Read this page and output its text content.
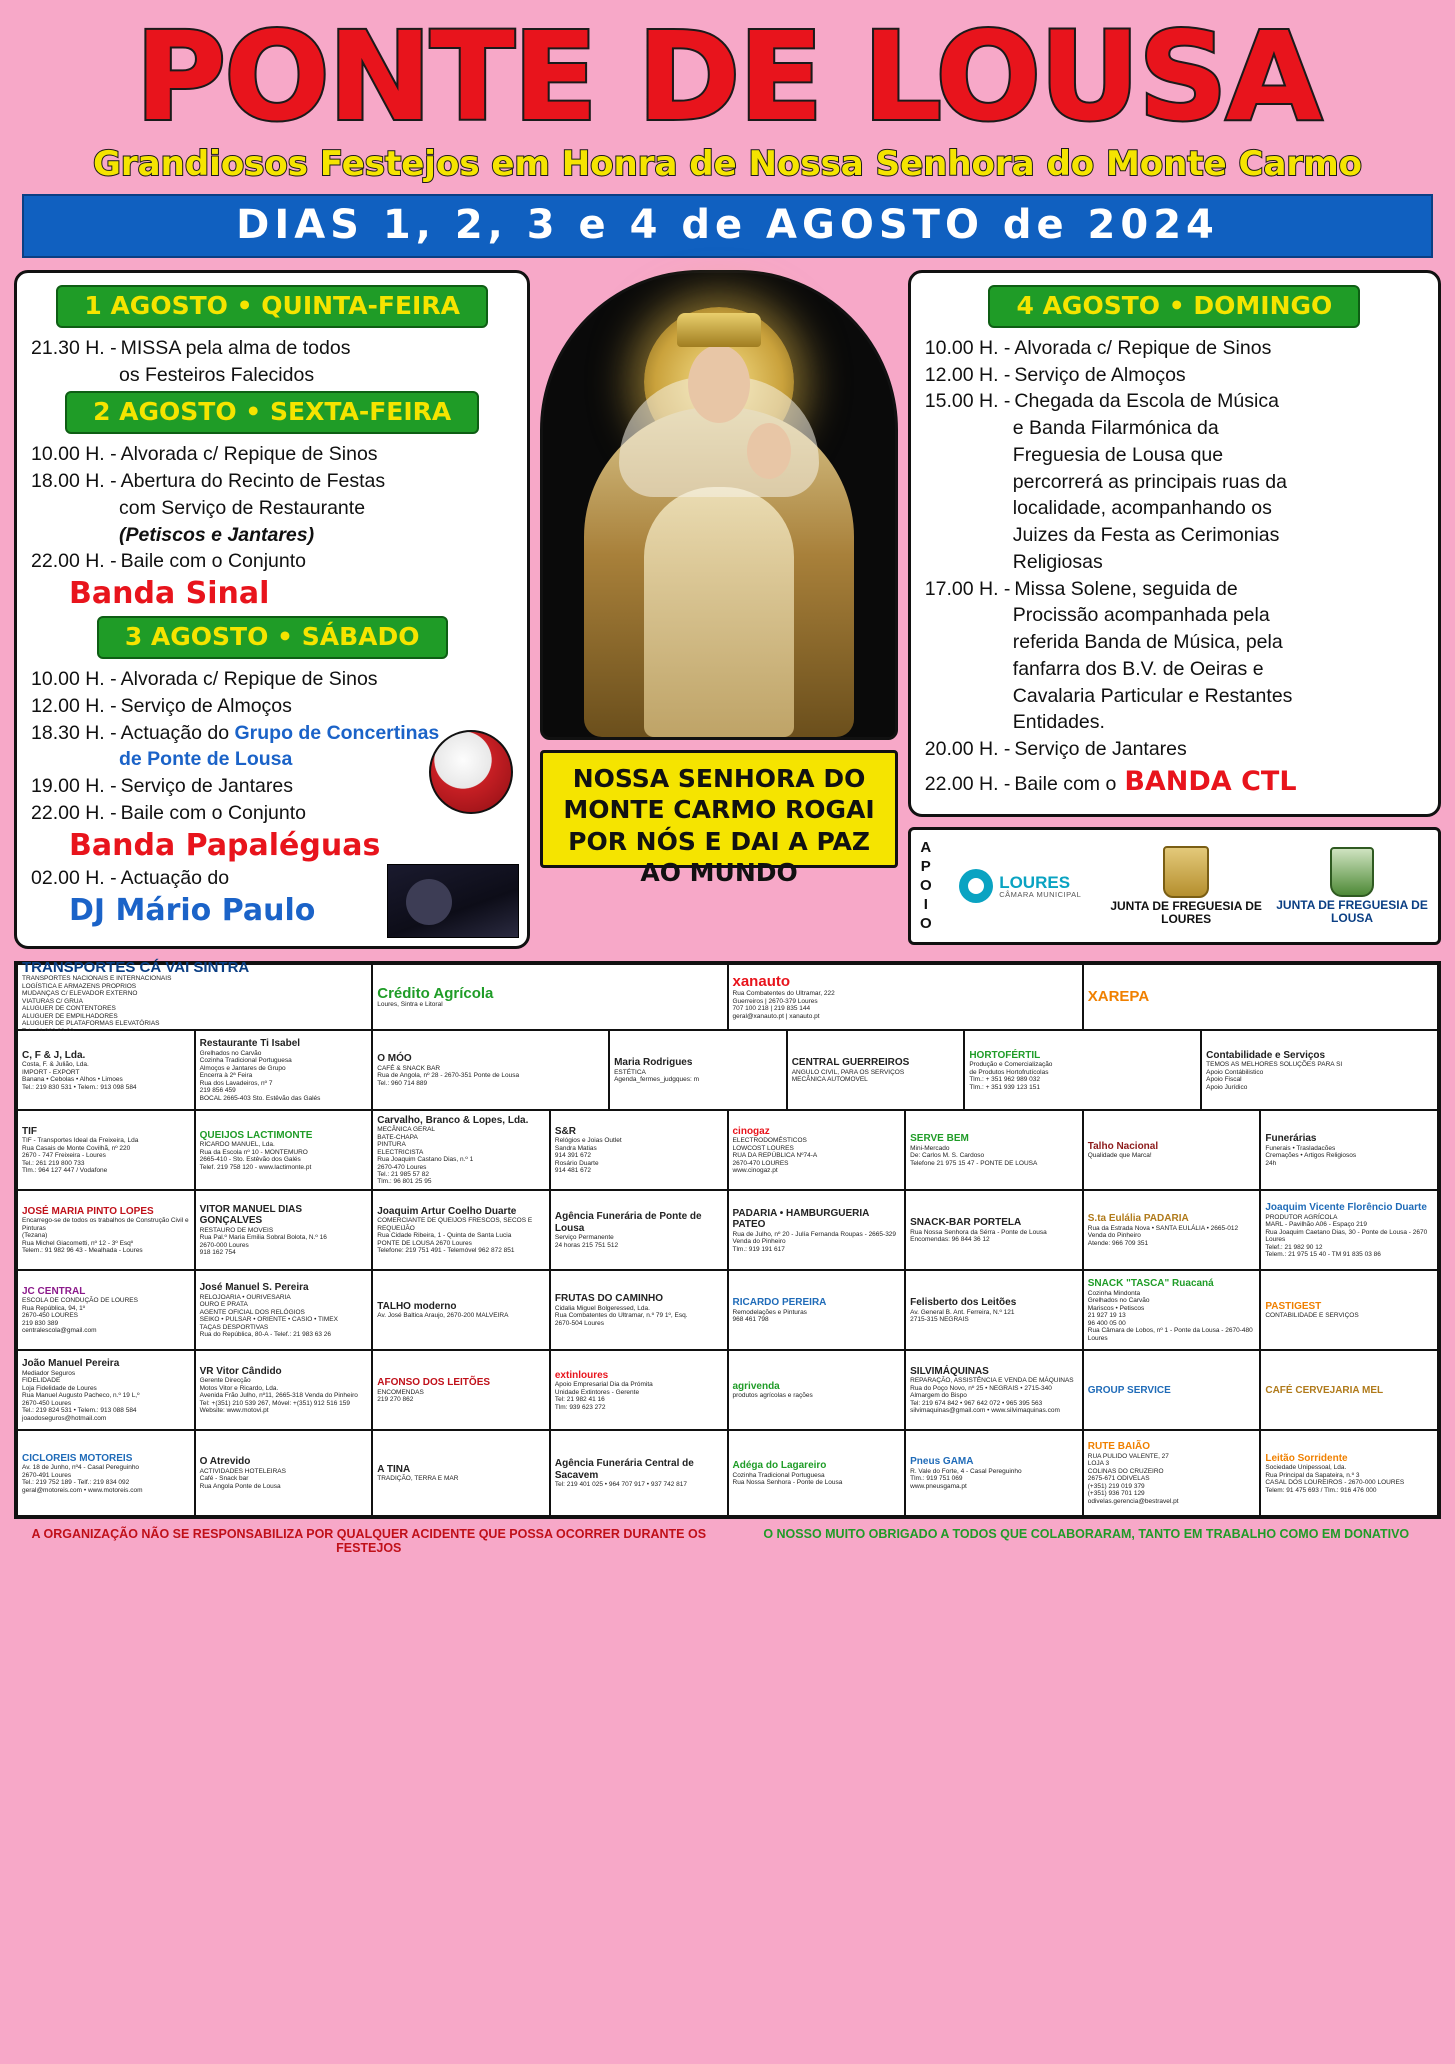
PONTE DE LOUSA
Grandiosos Festejos em Honra de Nossa Senhora do Monte Carmo
DIAS 1, 2, 3 e 4 de AGOSTO de 2024
1 AGOSTO • QUINTA-FEIRA
21.30 H. - MISSA pela alma de todos
os Festeiros Falecidos
2 AGOSTO • SEXTA-FEIRA
10.00 H. - Alvorada c/ Repique de Sinos
18.00 H. - Abertura do Recinto de Festas
com Serviço de Restaurante
(Petiscos e Jantares)
22.00 H. - Baile com o Conjunto
Banda Sinal
3 AGOSTO • SÁBADO
10.00 H. - Alvorada c/ Repique de Sinos
12.00 H. - Serviço de Almoços
18.30 H. - Actuação do Grupo de Concertinas
de Ponte de Lousa
19.00 H. - Serviço de Jantares
22.00 H. - Baile com o Conjunto
Banda Papaléguas
02.00 H. - Actuação do
DJ Mário Paulo
NOSSA SENHORA DO MONTE CARMO ROGAI POR NÓS E DAI A PAZ AO MUNDO
4 AGOSTO • DOMINGO
10.00 H. - Alvorada c/ Repique de Sinos
12.00 H. - Serviço de Almoços
15.00 H. - Chegada da Escola de Música
e Banda Filarmónica da
Freguesia de Lousa que
percorrerá as principais ruas da
localidade, acompanhando os
Juizes da Festa as Cerimonias
Religiosas
17.00 H. - Missa Solene, seguida de
Procissão acompanhada pela
referida Banda de Música, pela
fanfarra dos B.V. de Oeiras e
Cavalaria Particular e Restantes
Entidades.
20.00 H. - Serviço de Jantares
22.00 H. - Baile com o BANDA CTL
APOIO	LOURES
CÂMARA MUNICIPAL
JUNTA DE FREGUESIA DE LOURES
JUNTA DE FREGUESIA DE LOUSA
TRANSPORTES CÁ VAI SINTRA
TRANSPORTES NACIONAIS E INTERNACIONAIS
LOGÍSTICA E ARMAZENS PROPRIOS
MUDANÇAS C/ ELEVADOR EXTERNO
VIATURAS C/ GRUA
ALUGUER DE CONTENTORES
ALUGUER DE EMPILHADORES
ALUGUER DE PLATAFORMAS ELEVATÓRIAS
Crédito Agrícola
Loures, Sintra e Litoral
xanauto
Rua Combatentes do Ultramar, 222
Guerreiros | 2670-379 Loures
707 100 218 | 219 835 144
geral@xanauto.pt | xanauto.pt
XAREPA
C, F & J, Lda.
Costa, F. & Julião, Lda.
IMPORT - EXPORT
Banana • Cebolas • Alhos • Limoes
Tel.: 219 830 531 • Telem.: 913 098 584
Restaurante Ti Isabel
Grelhados no Carvão
Cozinha Tradicional Portuguesa
Almoços e Jantares de Grupo
Encerra à 2ª Feira
Rua dos Lavadeiros, nº 7
219 856 459
BOCAL 2665-403 Sto. Estêvão das Galés
O MÓO
CAFÉ & SNACK BAR
Rua de Angola, nº 28 - 2670-351 Ponte de Lousa
Tel.: 960 714 889
Maria Rodrigues
ESTÉTICA
Agenda_fermes_judgques: m
CENTRAL GUERREIROS
ANGULO CIVIL, PARA OS SERVIÇOS
MECÂNICA AUTOMOVEL
HORTOFÉRTIL
Produção e Comercialização
de Produtos Hortofrutícolas
Tlm.: + 351 962 989 032
Tlm.: + 351 939 123 151
Contabilidade e Serviços
TEMOS AS MELHORES SOLUÇÕES PARA SI
Apoio Contábilistico
Apoio Fiscal
Apoio Jurídico
TIF
TIF - Transportes Ideal da Freixeira, Lda
Rua Casais de Monte Covilhã, nº 220
2670 - 747 Freixeira - Loures
Tel.: 261 219 800 733
Tlm.: 964 127 447 / Vodafone
QUEIJOS LACTIMONTE
RICARDO MANUEL, Lda.
Rua da Escola nº 10 - MONTEMURO
2665-410 - Sto. Estêvão dos Galés
Telef. 219 758 120 - www.lactimonte.pt
Carvalho, Branco & Lopes, Lda.
MECÂNICA GERAL
BATE-CHAPA
PINTURA
ELECTRICISTA
Rua Joaquim Castano Dias, n.º 1
2670-470 Loures
Tel.: 21 985 57 82
Tlm.: 96 801 25 95
S&R
Relógios e Joias Outlet
Sandra Matias
914 391 672
Rosário Duarte
914 481 672
cinogaz
ELECTRODOMÉSTICOS
LOWCOST LOURES
RUA DA REPÚBLICA Nº74-A
2670-470 LOURES
www.cinogaz.pt
SERVE BEM
Mini-Mercado
De: Carlos M. S. Cardoso
Telefone 21 975 15 47 - PONTE DE LOUSA
Talho Nacional
Qualidade que Marca!
Funerárias
Funerais • Trasladacões
Cremações • Artigos Religiosos
24h
JOSÉ MARIA PINTO LOPES
Encarrego-se de todos os trabalhos de Construção Civil e Pinturas
(Tezana)
Rua Michel Giacometti, nº 12 - 3º Esqº
Telem.: 91 982 96 43 - Mealhada - Loures
VITOR MANUEL DIAS GONÇALVES
RESTAURO DE MOVEIS
Rua Pal.º Maria Emilia Sobral Bolota, N.º 16
2670-000 Loures
918 162 754
Joaquim Artur Coelho Duarte
COMERCIANTE DE QUEIJOS FRESCOS, SECOS E REQUEIJÃO
Rua Cidade Ribeira, 1 - Quinta de Santa Lucia
PONTE DE LOUSA 2670 Loures
Telefone: 219 751 491 - Telemóvel 962 872 851
Agência Funerária de Ponte de Lousa
Serviço Permanente
24 horas 215 751 512
PADARIA • HAMBURGUERIA PATEO
Rua de Julho, nº 20 - Julía Fernanda Roupas - 2665-329 Venda do Pinheiro
Tlm.: 919 191 617
SNACK-BAR PORTELA
Rua Nossa Senhora da Sérra - Ponte de Lousa
Encomendas: 96 844 36 12
S.ta Eulália PADARIA
Rua da Estrada Nova • SANTA EULÁLIA • 2665-012 Venda do Pinheiro
Atende: 966 709 351
Joaquim Vicente Florêncio Duarte
PRODUTOR AGRÍCOLA
MARL - Pavilhão A06 - Espaço 219
Rua Joaquim Caetano Dias, 30 - Ponte de Lousa - 2670 Loures
Telef.: 21 982 90 12
Telem.: 21 975 15 40 - TM 91 835 03 86
JC CENTRAL
ESCOLA DE CONDUÇÃO DE LOURES
Rua República, 94, 1º
2670-450 LOURES
219 830 389
centralescola@gmail.com
José Manuel S. Pereira
RELOJOARIA • OURIVESARIA
OURO E PRATA
AGENTE OFICIAL DOS RELÓGIOS
SEIKO • PULSAR • ORIENTE • CASIO • TIMEX
TAÇAS DESPORTIVAS
Rua do República, 80-A - Telef.: 21 983 63 26
TALHO moderno
Av. José Baltica Araujo, 2670-200 MALVEIRA
FRUTAS DO CAMINHO
Cidalia Miguel Bolgeressed, Lda.
Rua Combatentes do Ultramar, n.º 79 1º, Esq.
2670-504 Loures
RICARDO PEREIRA
Remodelações e Pinturas
968 461 798
Felisberto dos Leitões
Av. General B. Ant. Ferreira, N.º 121
2715-315 NEGRAIS
SNACK "TASCA" Ruacaná
Cozinha Mindonta
Grelhados no Carvão
Mariscos • Petiscos
21 927 19 13
96 400 05 00
Rua Câmara de Lobos, nº 1 - Ponte da Lousa - 2670-480 Loures
PASTIGEST
CONTABILIDADE E SERVIÇOS
João Manuel Pereira
Mediador Seguros
FIDELIDADE
Loja Fidelidade de Loures
Rua Manuel Augusto Pacheco, n.º 19 L,º
2670-450 Loures
Tel.: 219 824 531 • Telem.: 913 088 584
joaodoseguros@hotmail.com
VR Vitor Cândido
Gerente Direcção
Motos Vitor e Ricardo, Lda.
Avenida Frão Julho, nº11, 2665-318 Venda do Pinheiro
Tel: +(351) 210 539 267, Móvel: +(351) 912 516 159
Website: www.motovi.pt
AFONSO DOS LEITÕES
ENCOMENDAS
219 270 862
extinloures
Apoio Empresarial Dia da Prómita
Unidade Extintores - Gerente
Tel: 21 982 41 16
Tlm: 939 623 272
agrivenda
produtos agrícolas e rações
SILVIMÁQUINAS
REPARAÇÃO, ASSISTÊNCIA E VENDA DE MÁQUINAS
Rua do Poço Novo, nº 25 • NEGRAIS • 2715-340 Almargem do Bispo
Tel: 219 674 842 • 967 642 072 • 965 395 563
silvimaquinas@gmail.com • www.silvimaquinas.com
GROUP SERVICE	CAFÉ CERVEJARIA MEL
CICLOREIS MOTOREIS
Av. 18 de Junho, nº4 - Casal Pereguinho
2670-491 Loures
Tel.: 219 752 189 - Telf.: 219 834 092
geral@motoreis.com • www.motoreis.com
O Atrevido
ACTIVIDADES HOTELEIRAS
Café - Snack bar
Rua Angola Ponte de Lousa
A TINA
TRADIÇÃO, TERRA E MAR
Agência Funerária Central de Sacavem
Tel: 219 401 025 • 964 707 917 • 937 742 817
Adéga do Lagareiro
Cozinha Tradicional Portuguesa
Rua Nossa Senhora - Ponte de Lousa
Pneus GAMA
R. Vale do Forte, 4 - Casal Pereguinho
Tlm.: 919 751 069
www.pneusgama.pt
RUTE BAIÃO
RUA PULIDO VALENTE, 27
LOJA 3
COLINAS DO CRUZEIRO
2675-671 ODIVELAS
(+351) 219 019 379
(+351) 936 701 129
odivelas.gerencia@bestravel.pt
Leitão Sorridente
Sociedade Unipessoal, Lda.
Rua Principal da Sapateira, n.º 3
CASAL DOS LOUREIROS - 2670-000 LOURES
Telem: 91 475 693 / Tlm.: 916 476 000
A ORGANIZAÇÃO NÃO SE RESPONSABILIZA POR QUALQUER ACIDENTE QUE POSSA OCORRER DURANTE OS FESTEJOS
O NOSSO MUITO OBRIGADO A TODOS QUE COLABORARAM, TANTO EM TRABALHO COMO EM DONATIVO
